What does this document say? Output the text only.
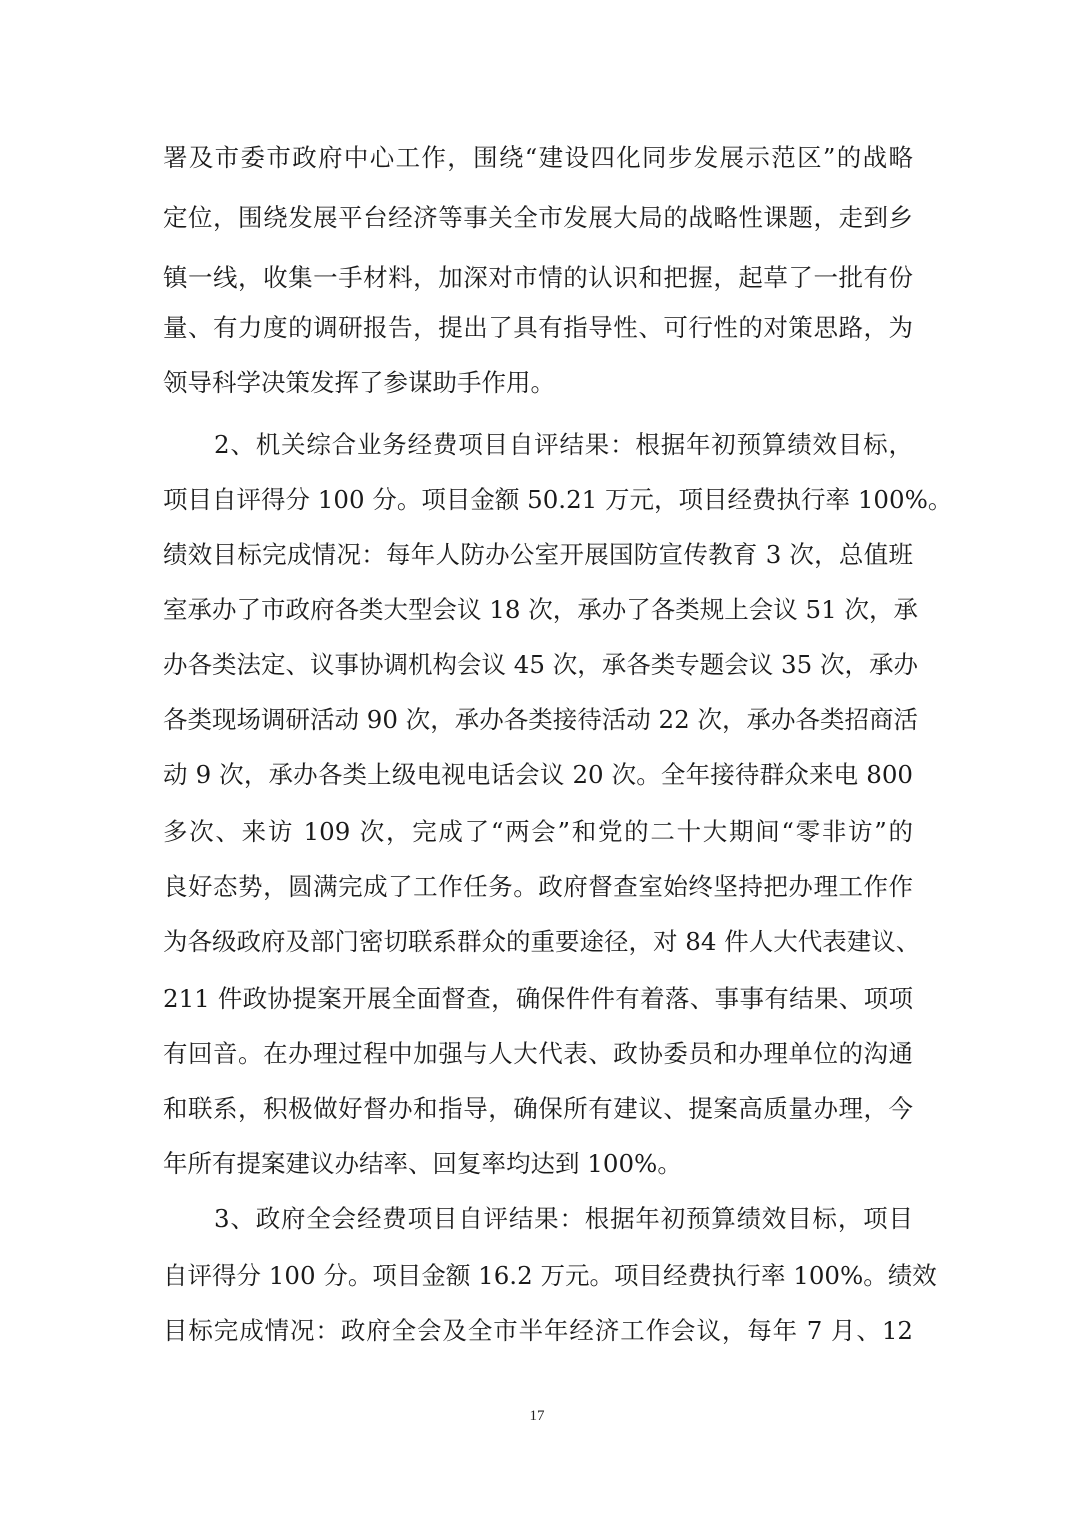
署及市委市政府中心工作，围绕“建设四化同步发展示范区”的战略
定位，围绕发展平台经济等事关全市发展大局的战略性课题，走到乡
镇一线，收集一手材料，加深对市情的认识和把握，起草了一批有份
量、有力度的调研报告，提出了具有指导性、可行性的对策思路，为
领导科学决策发挥了参谋助手作用。
2、机关综合业务经费项目自评结果：根据年初预算绩效目标，
项目自评得分 100 分。项目金额 50.21 万元，项目经费执行率 100%。
绩效目标完成情况：每年人防办公室开展国防宣传教育 3 次，总值班
室承办了市政府各类大型会议 18 次，承办了各类规上会议 51 次，承
办各类法定、议事协调机构会议 45 次，承各类专题会议 35 次，承办
各类现场调研活动 90 次，承办各类接待活动 22 次，承办各类招商活
动 9 次，承办各类上级电视电话会议 20 次。全年接待群众来电 800
多次、来访 109 次，完成了“两会”和党的二十大期间“零非访”的
良好态势，圆满完成了工作任务。政府督查室始终坚持把办理工作作
为各级政府及部门密切联系群众的重要途径，对 84 件人大代表建议、
211 件政协提案开展全面督查，确保件件有着落、事事有结果、项项
有回音。在办理过程中加强与人大代表、政协委员和办理单位的沟通
和联系，积极做好督办和指导，确保所有建议、提案高质量办理，今
年所有提案建议办结率、回复率均达到 100%。
3、政府全会经费项目自评结果：根据年初预算绩效目标，项目
自评得分 100 分。项目金额 16.2 万元。项目经费执行率 100%。绩效
目标完成情况：政府全会及全市半年经济工作会议，每年 7 月、12
17
